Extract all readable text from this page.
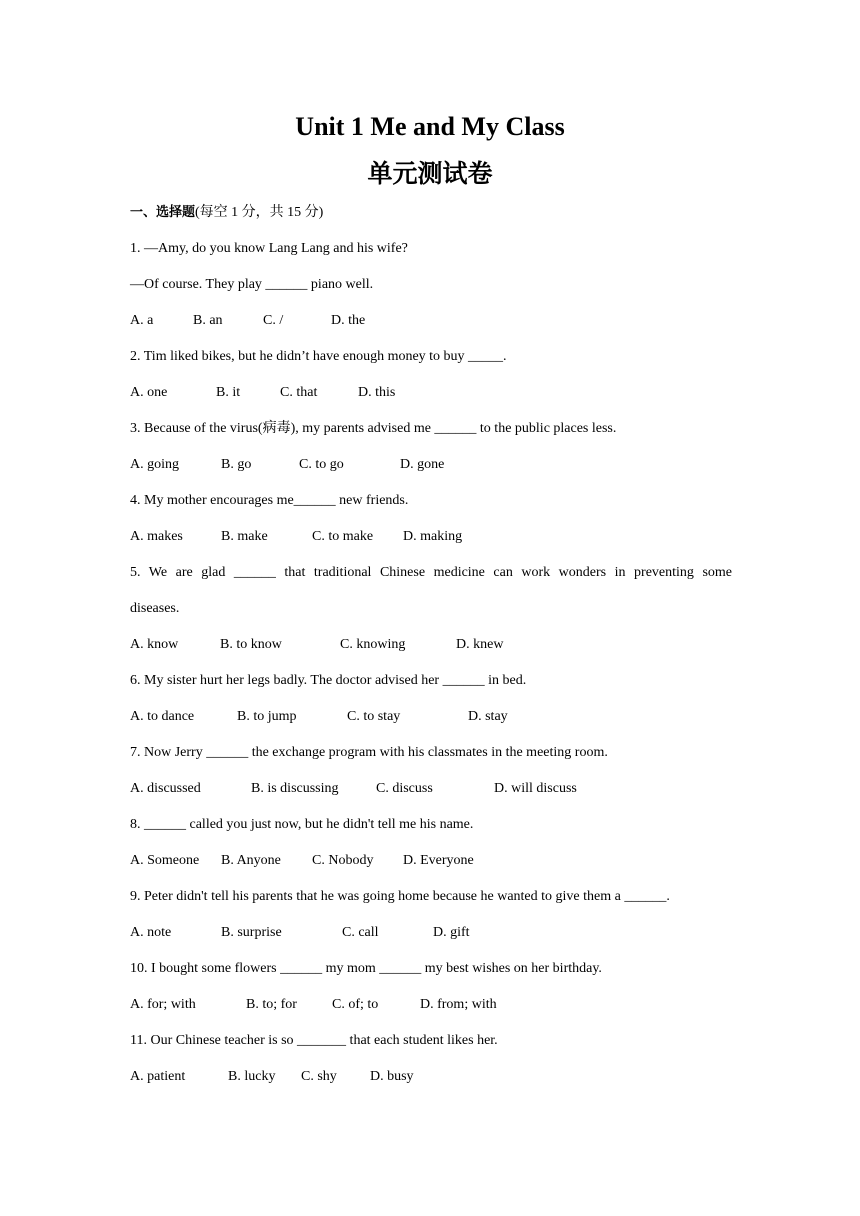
Unit 1 Me and My Class
单元测试卷
一、选择题(每空 1 分，共 15 分)
1. —Amy, do you know Lang Lang and his wife?
—Of course. They play ______ piano well.
A. a	B. an	C. /	D. the
2. Tim liked bikes, but he didn’t have enough money to buy _____.
A. one	B. it	C. that	D. this
3. Because of the virus(病毒), my parents advised me ______ to the public places less.
A. going	B. go	C. to go	D. gone
4. My mother encourages me______ new friends.
A. makes	B. make	C. to make D. making
5. We are glad ______ that traditional Chinese medicine can work wonders in preventing some
diseases.
A. know	B. to know	C. knowing	D. knew
6. My sister hurt her legs badly. The doctor advised her ______ in bed.
A. to dance	B. to jump	C. to stay	D. stay
7. Now Jerry ______ the exchange program with his classmates in the meeting room.
A. discussed	B. is discussing	C. discuss	D. will discuss
8. ______ called you just now, but he didn't tell me his name.
A. Someone B. Anyone C. Nobody D. Everyone
9. Peter didn't tell his parents that he was going home because he wanted to give them a ______.
A. note	B. surprise	C. call	D. gift
10. I bought some flowers ______ my mom ______ my best wishes on her birthday.
A. for; with	B. to; for	C. of; to	D. from; with
11. Our Chinese teacher is so _______ that each student likes her.
A. patient	B. lucky C. shy D. busy
